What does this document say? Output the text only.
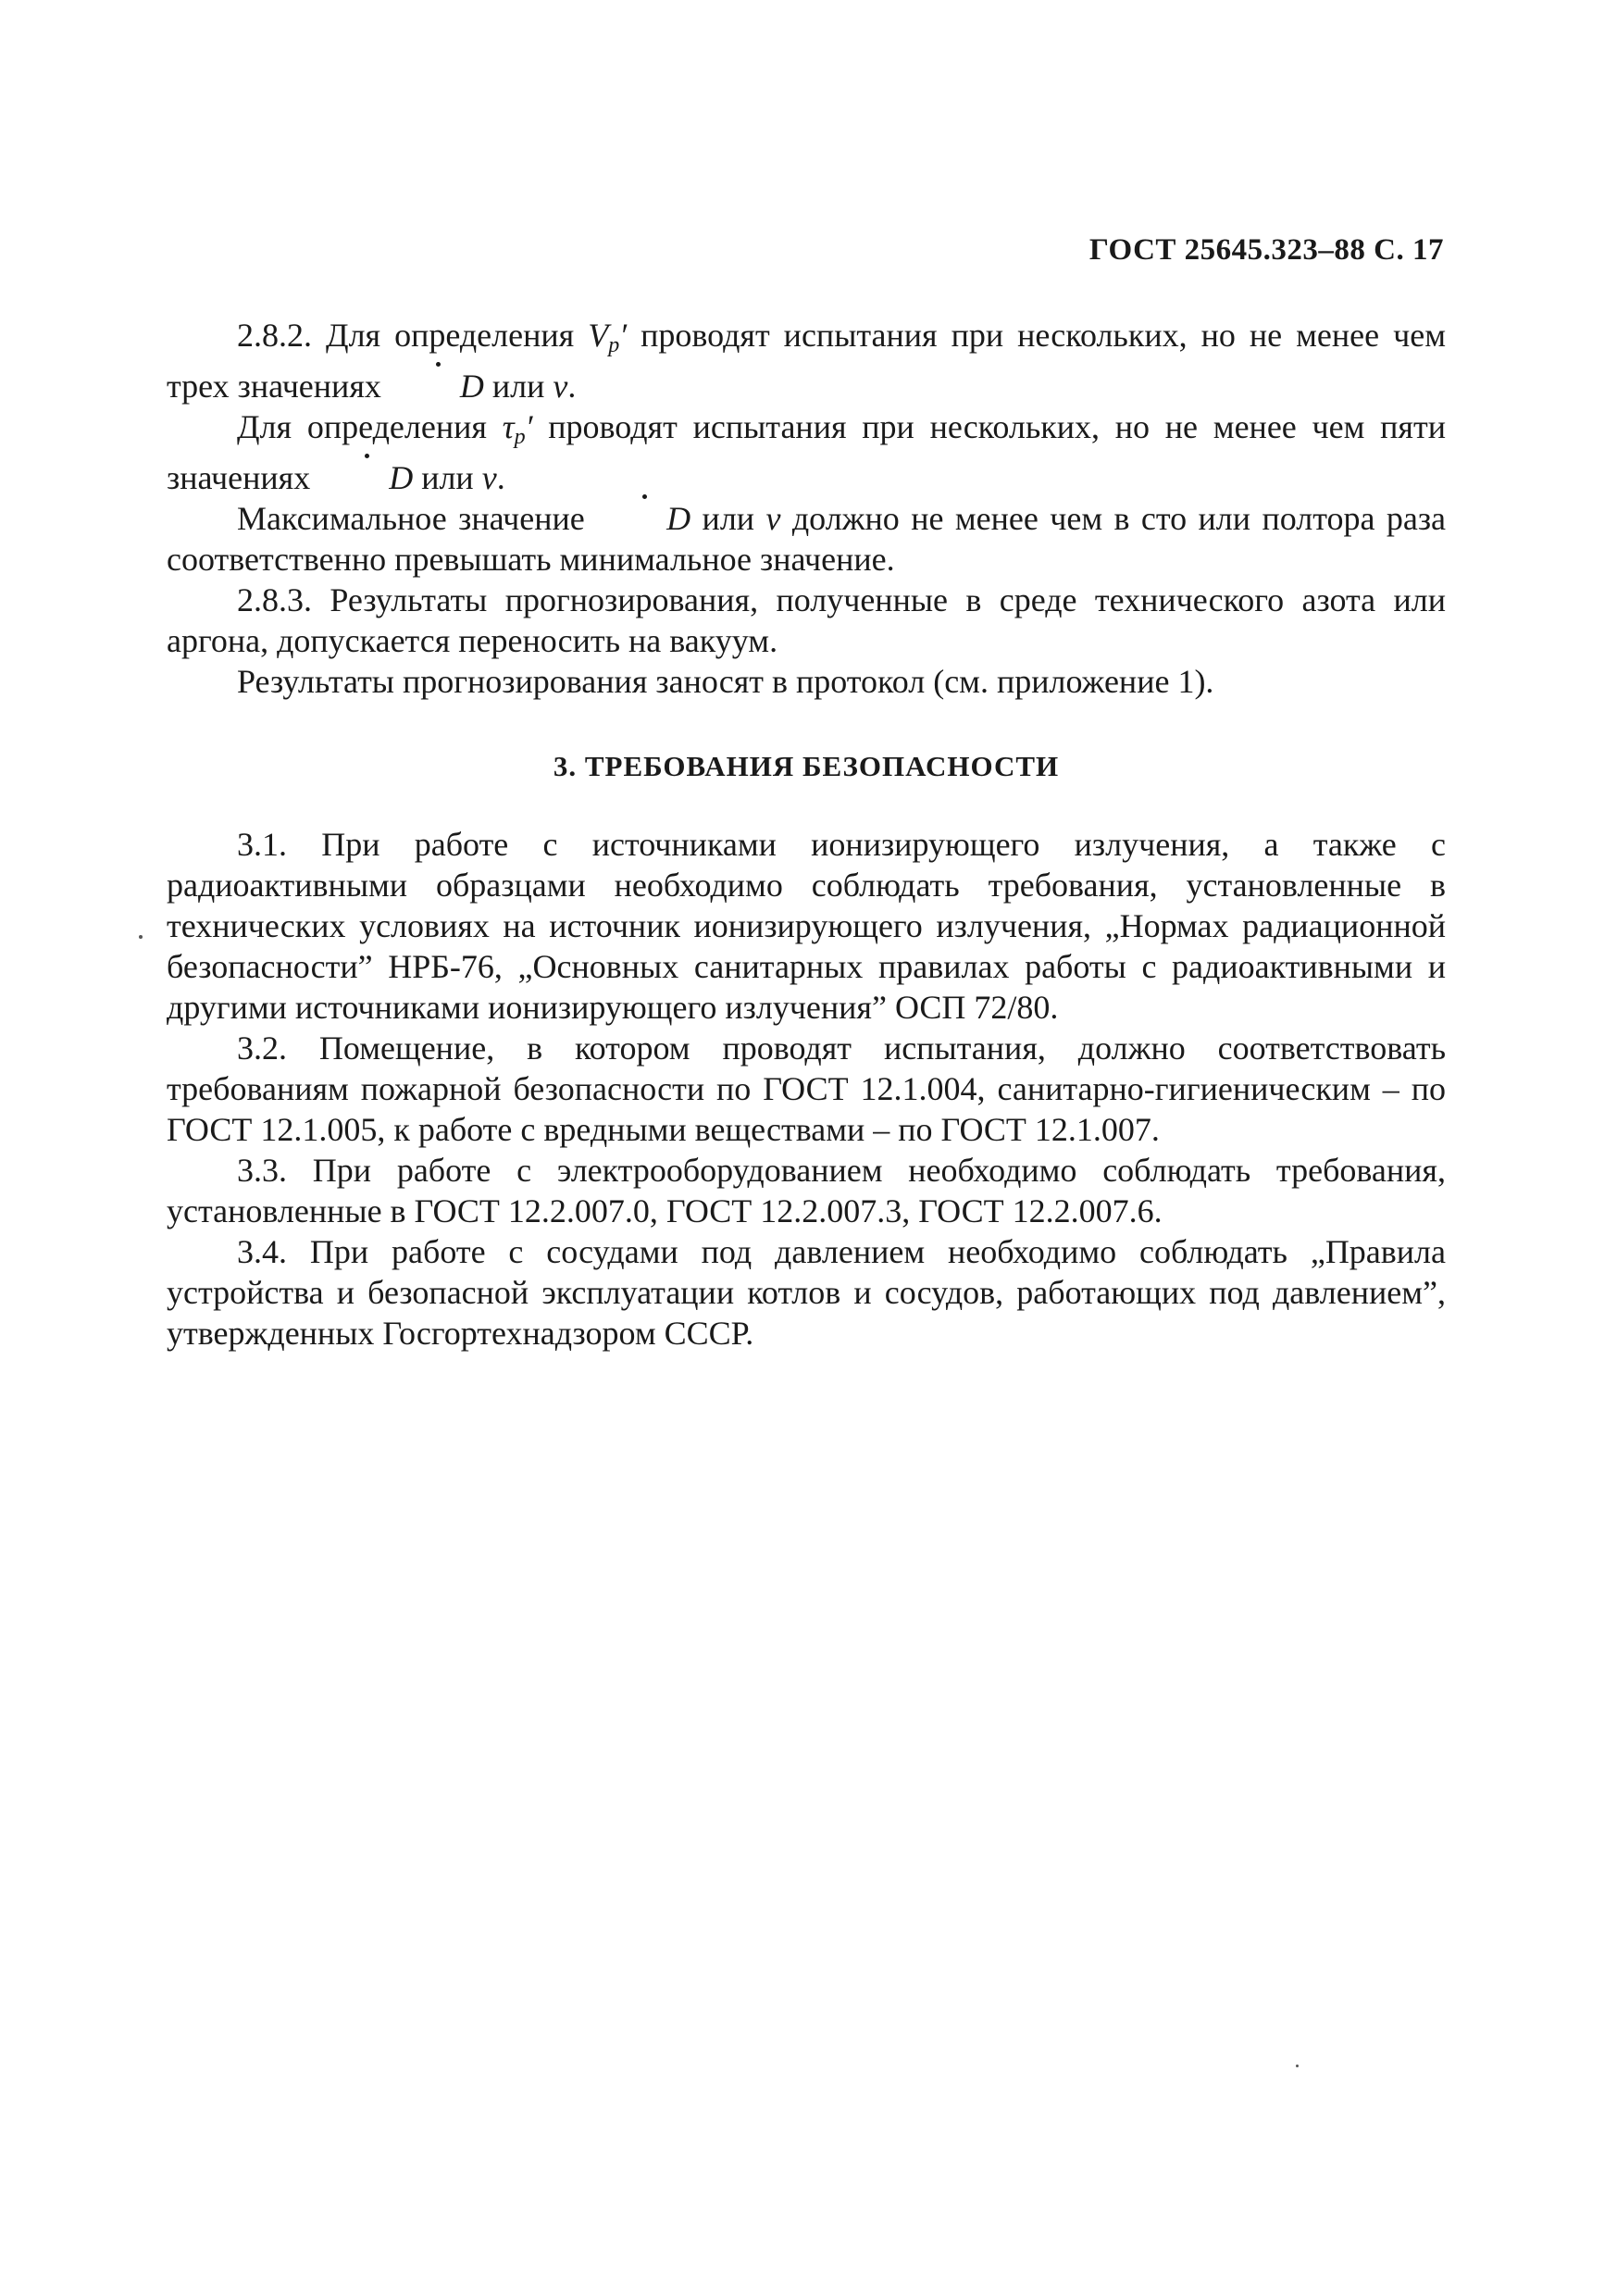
ГОСТ 25645.323–88 С. 17

2.8.2. Для определения $V_р'$ проводят испытания при нескольких, но не менее чем трех значениях D или ν.

Для определения $\tau_р'$ проводят испытания при нескольких, но не менее чем пяти значениях D или ν.

Максимальное значение D или ν должно не менее чем в сто или полтора раза соответственно превышать минимальное значение.

2.8.3. Результаты прогнозирования, полученные в среде технического азота или аргона, допускается переносить на вакуум.

Результаты прогнозирования заносят в протокол (см. приложение 1).

3. ТРЕБОВАНИЯ БЕЗОПАСНОСТИ

3.1. При работе с источниками ионизирующего излучения, а также с радиоактивными образцами необходимо соблюдать требования, установленные в технических условиях на источник ионизирующего излучения, „Нормах радиационной безопасности” НРБ-76, „Основных санитарных правилах работы с радиоактивными и другими источниками ионизирующего излучения” ОСП 72/80.

3.2. Помещение, в котором проводят испытания, должно соответствовать требованиям пожарной безопасности по ГОСТ 12.1.004, санитарно-гигиеническим – по ГОСТ 12.1.005, к работе с вредными веществами – по ГОСТ 12.1.007.

3.3. При работе с электрооборудованием необходимо соблюдать требования, установленные в ГОСТ 12.2.007.0, ГОСТ 12.2.007.3, ГОСТ 12.2.007.6.

3.4. При работе с сосудами под давлением необходимо соблюдать „Правила устройства и безопасной эксплуатации котлов и сосудов, работающих под давлением”, утвержденных Госгортехнадзором СССР.
